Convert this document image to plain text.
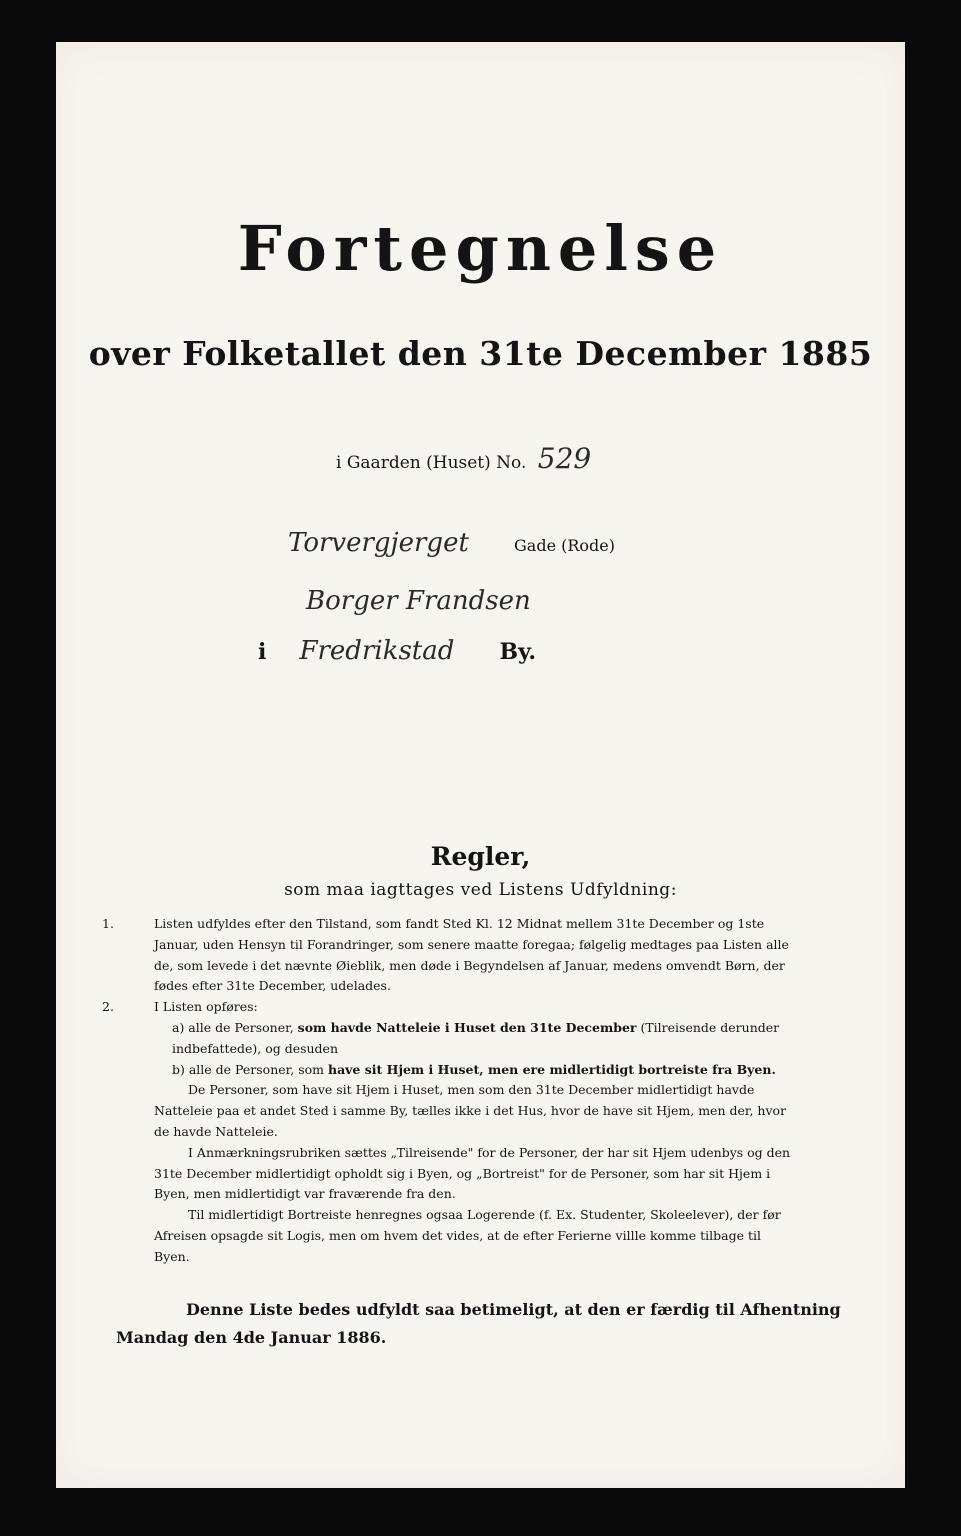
Fortegnelse
over Folketallet den 31te December 1885
i Gaarden (Huset) No. 529
Torvergjerget	Gade (Rode)
Borger Frandsen
i Fredrikstad By.
Regler,
som maa iagttages ved Listens Udfyldning:

1.	Listen udfyldes efter den Tilstand, som fandt Sted Kl. 12 Midnat mellem 31te December og 1ste Januar, uden Hensyn til Forandringer, som senere maatte foregaa; følgelig medtages paa Listen alle de, som levede i det nævnte Øieblik, men døde i Begyndelsen af Januar, medens omvendt Børn, der fødes efter 31te December, udelades.

2.	I Listen opføres:

a) alle de Personer, som havde Natteleie i Huset den 31te December (Tilreisende derunder indbefattede), og desuden

b) alle de Personer, som have sit Hjem i Huset, men ere midlertidigt bortreiste fra Byen.

De Personer, som have sit Hjem i Huset, men som den 31te December midlertidigt havde Natteleie paa et andet Sted i samme By, tælles ikke i det Hus, hvor de have sit Hjem, men der, hvor de havde Natteleie.

I Anmærkningsrubriken sættes „Tilreisende" for de Personer, der har sit Hjem udenbys og den 31te December midlertidigt opholdt sig i Byen, og „Bortreist" for de Personer, som har sit Hjem i Byen, men midlertidigt var fraværende fra den.

Til midlertidigt Bortreiste henregnes ogsaa Logerende (f. Ex. Studenter, Skoleelever), der før Afreisen opsagde sit Logis, men om hvem det vides, at de efter Ferierne villle komme tilbage til Byen.

Denne Liste bedes udfyldt saa betimeligt, at den er færdig til Afhentning
Mandag den 4de Januar 1886.
